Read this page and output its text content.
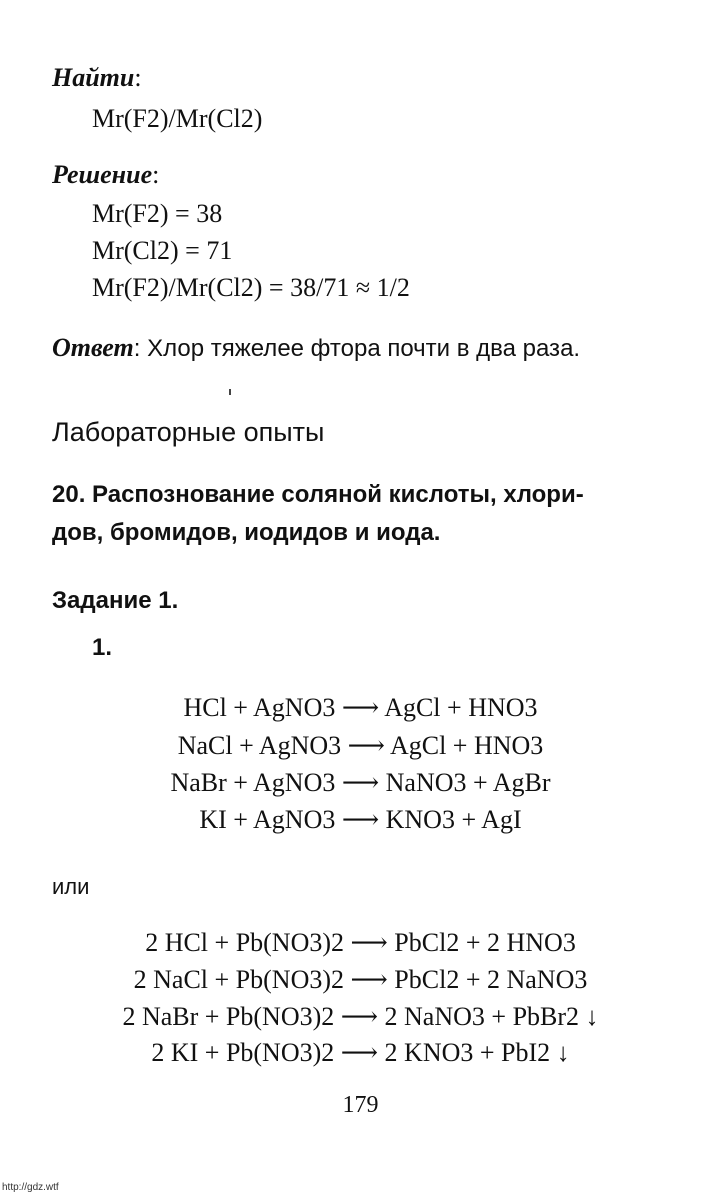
Найти:
Mr(F2)/Mr(Cl2)
Решение:
Mr(F2) = 38
Mr(Cl2) = 71
Mr(F2)/Mr(Cl2) = 38/71 ≈ 1/2
Ответ: Хлор тяжелее фтора почти в два раза.
Лабораторные опыты
20. Распознование соляной кислоты, хлори-
дов, бромидов, иодидов и иода.
Задание 1.
1.
HCl + AgNO3 ⟶ AgCl + HNO3
NaCl + AgNO3 ⟶ AgCl + HNO3
NaBr + AgNO3 ⟶ NaNO3 + AgBr
KI + AgNO3 ⟶ KNO3 + AgI
или
2 HCl + Pb(NO3)2 ⟶ PbCl2 + 2 HNO3
2 NaCl + Pb(NO3)2 ⟶ PbCl2 + 2 NaNO3
2 NaBr + Pb(NO3)2 ⟶ 2 NaNO3 + PbBr2 ↓
2 KI + Pb(NO3)2 ⟶ 2 KNO3 + PbI2 ↓
179
http://gdz.wtf
